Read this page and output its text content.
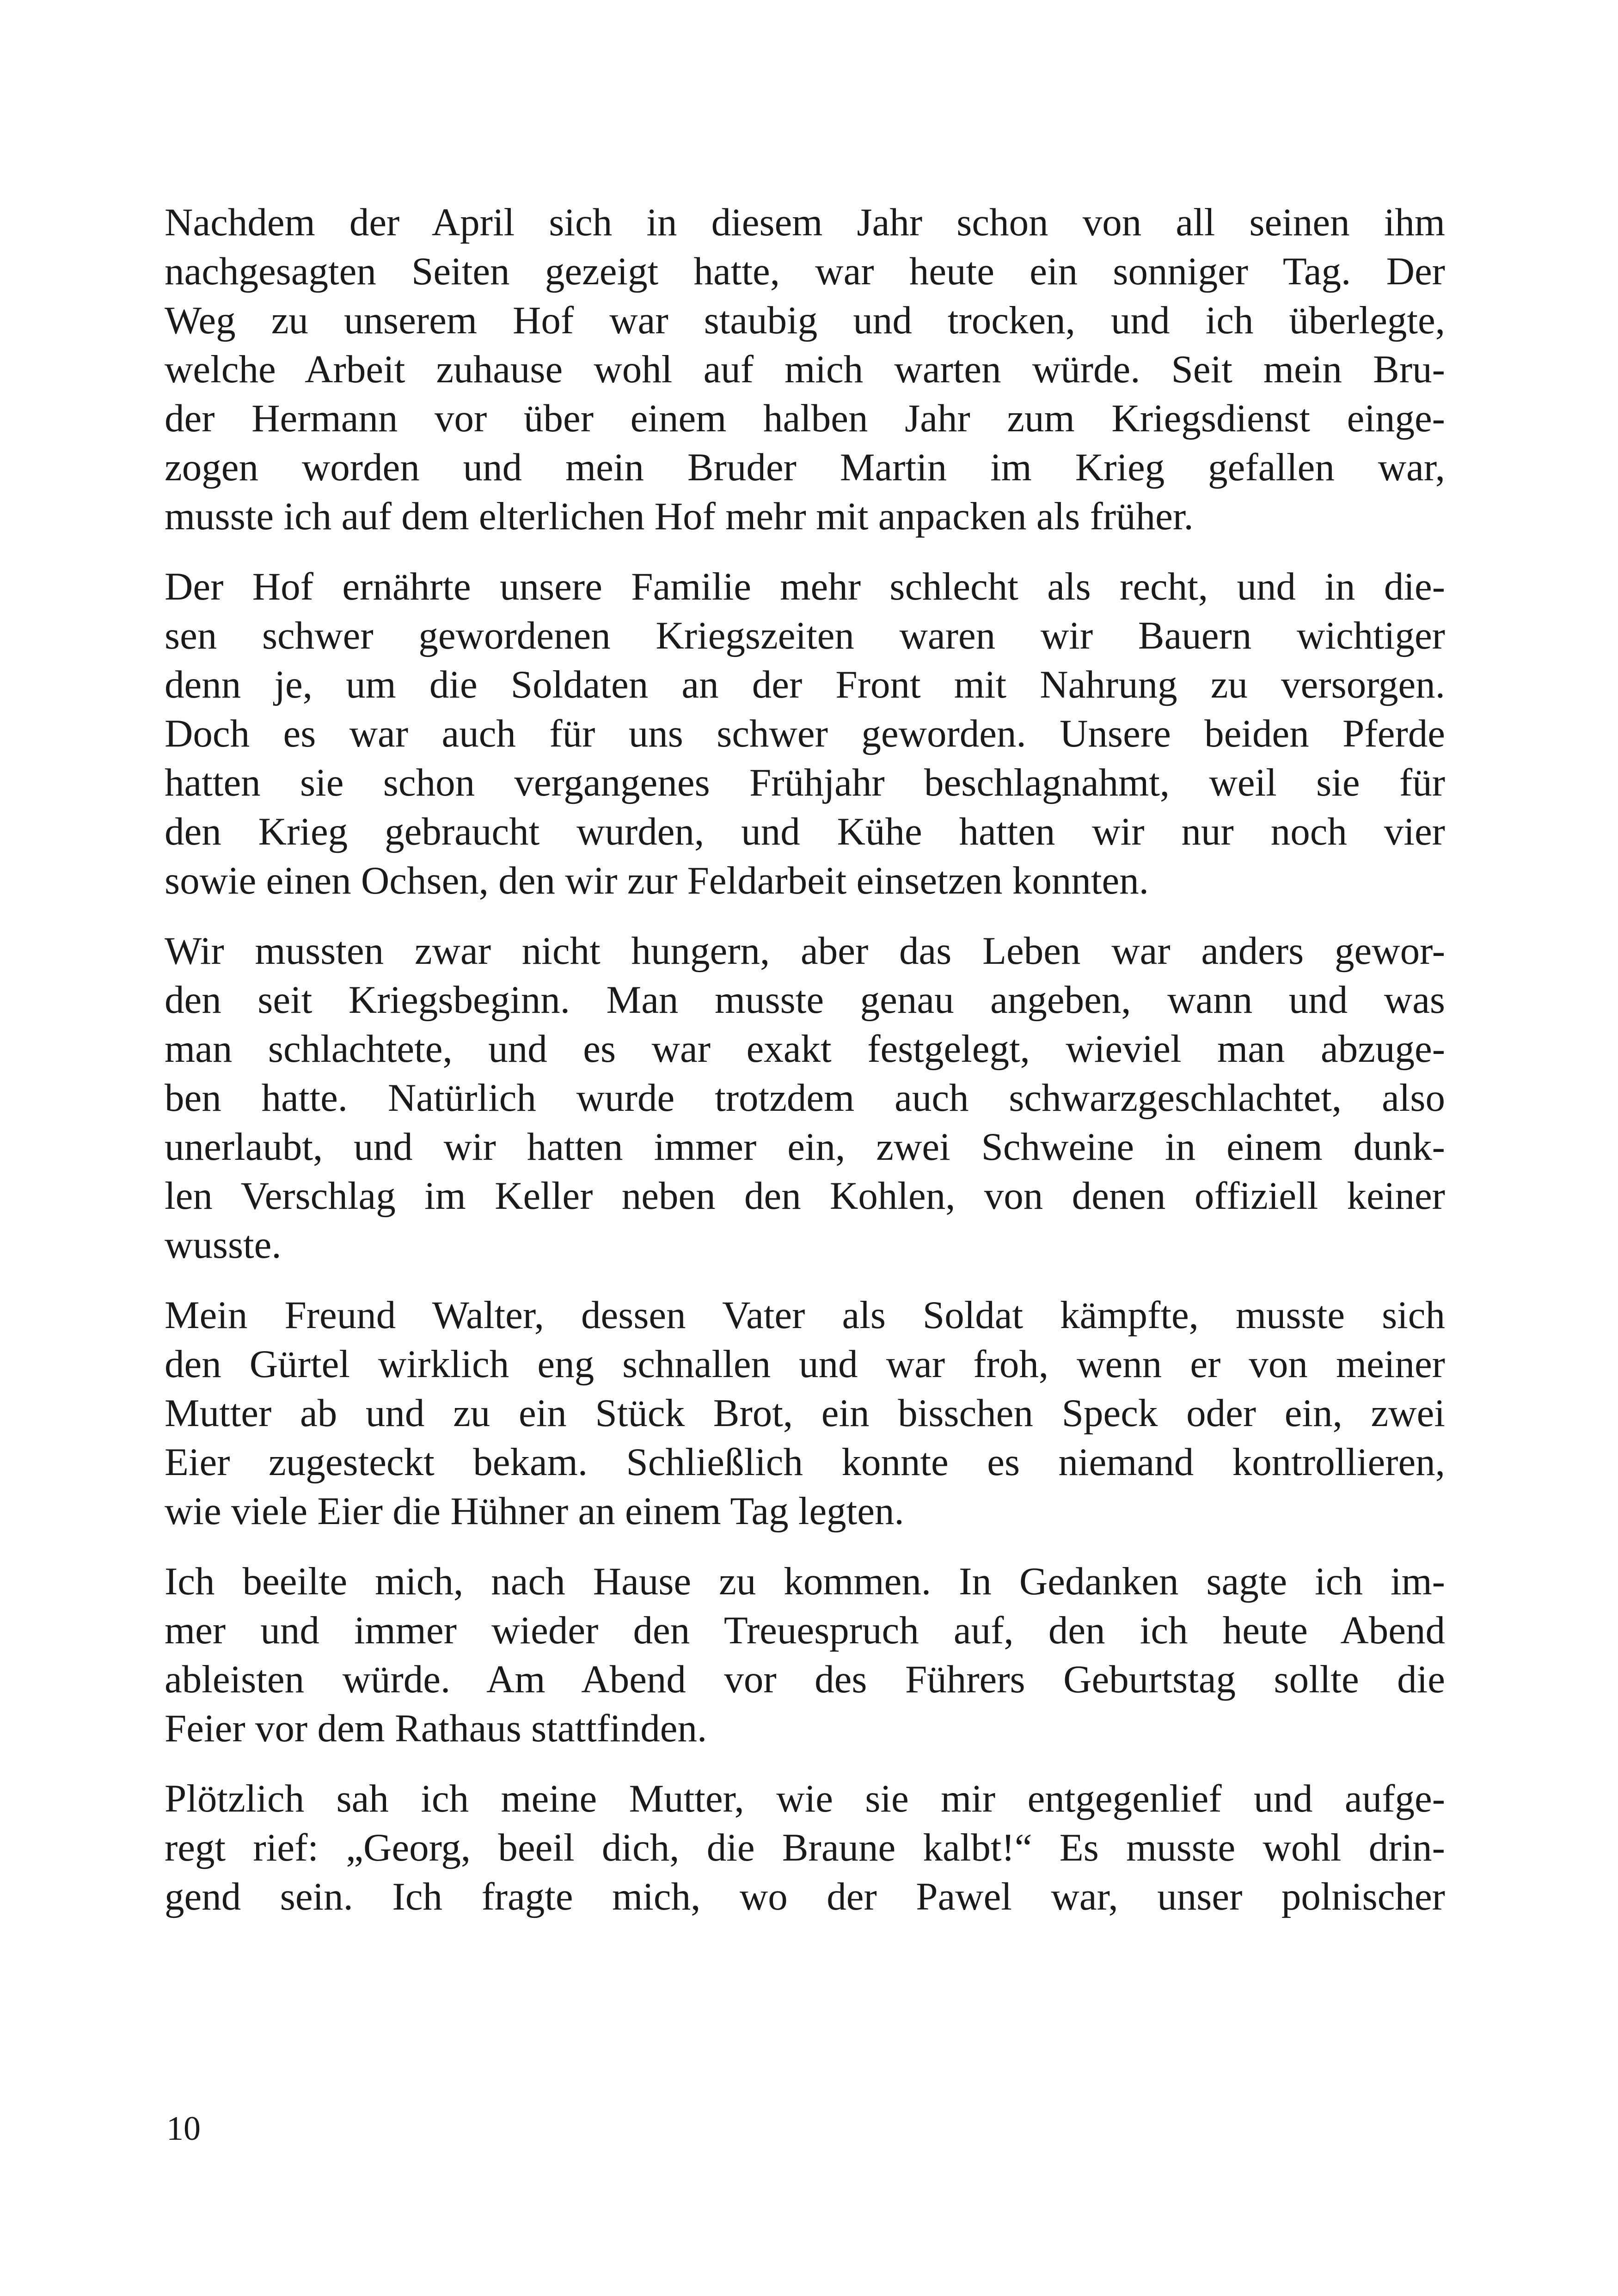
Nachdem der April sich in diesem Jahr schon von all seinen ihm
nachgesagten Seiten gezeigt hatte, war heute ein sonniger Tag. Der
Weg zu unserem Hof war staubig und trocken, und ich überlegte,
welche Arbeit zuhause wohl auf mich warten würde. Seit mein Bru-
der Hermann vor über einem halben Jahr zum Kriegsdienst einge-
zogen worden und mein Bruder Martin im Krieg gefallen war,
musste ich auf dem elterlichen Hof mehr mit anpacken als früher.
Der Hof ernährte unsere Familie mehr schlecht als recht, und in die-
sen schwer gewordenen Kriegszeiten waren wir Bauern wichtiger
denn je, um die Soldaten an der Front mit Nahrung zu versorgen.
Doch es war auch für uns schwer geworden. Unsere beiden Pferde
hatten sie schon vergangenes Frühjahr beschlagnahmt, weil sie für
den Krieg gebraucht wurden, und Kühe hatten wir nur noch vier
sowie einen Ochsen, den wir zur Feldarbeit einsetzen konnten.
Wir mussten zwar nicht hungern, aber das Leben war anders gewor-
den seit Kriegsbeginn. Man musste genau angeben, wann und was
man schlachtete, und es war exakt festgelegt, wieviel man abzuge-
ben hatte. Natürlich wurde trotzdem auch schwarzgeschlachtet, also
unerlaubt, und wir hatten immer ein, zwei Schweine in einem dunk-
len Verschlag im Keller neben den Kohlen, von denen offiziell keiner
wusste.
Mein Freund Walter, dessen Vater als Soldat kämpfte, musste sich
den Gürtel wirklich eng schnallen und war froh, wenn er von meiner
Mutter ab und zu ein Stück Brot, ein bisschen Speck oder ein, zwei
Eier zugesteckt bekam. Schließlich konnte es niemand kontrollieren,
wie viele Eier die Hühner an einem Tag legten.
Ich beeilte mich, nach Hause zu kommen. In Gedanken sagte ich im-
mer und immer wieder den Treuespruch auf, den ich heute Abend
ableisten würde. Am Abend vor des Führers Geburtstag sollte die
Feier vor dem Rathaus stattfinden.
Plötzlich sah ich meine Mutter, wie sie mir entgegenlief und aufge-
regt rief: „Georg, beeil dich, die Braune kalbt!“ Es musste wohl drin-
gend sein. Ich fragte mich, wo der Pawel war, unser polnischer
10
